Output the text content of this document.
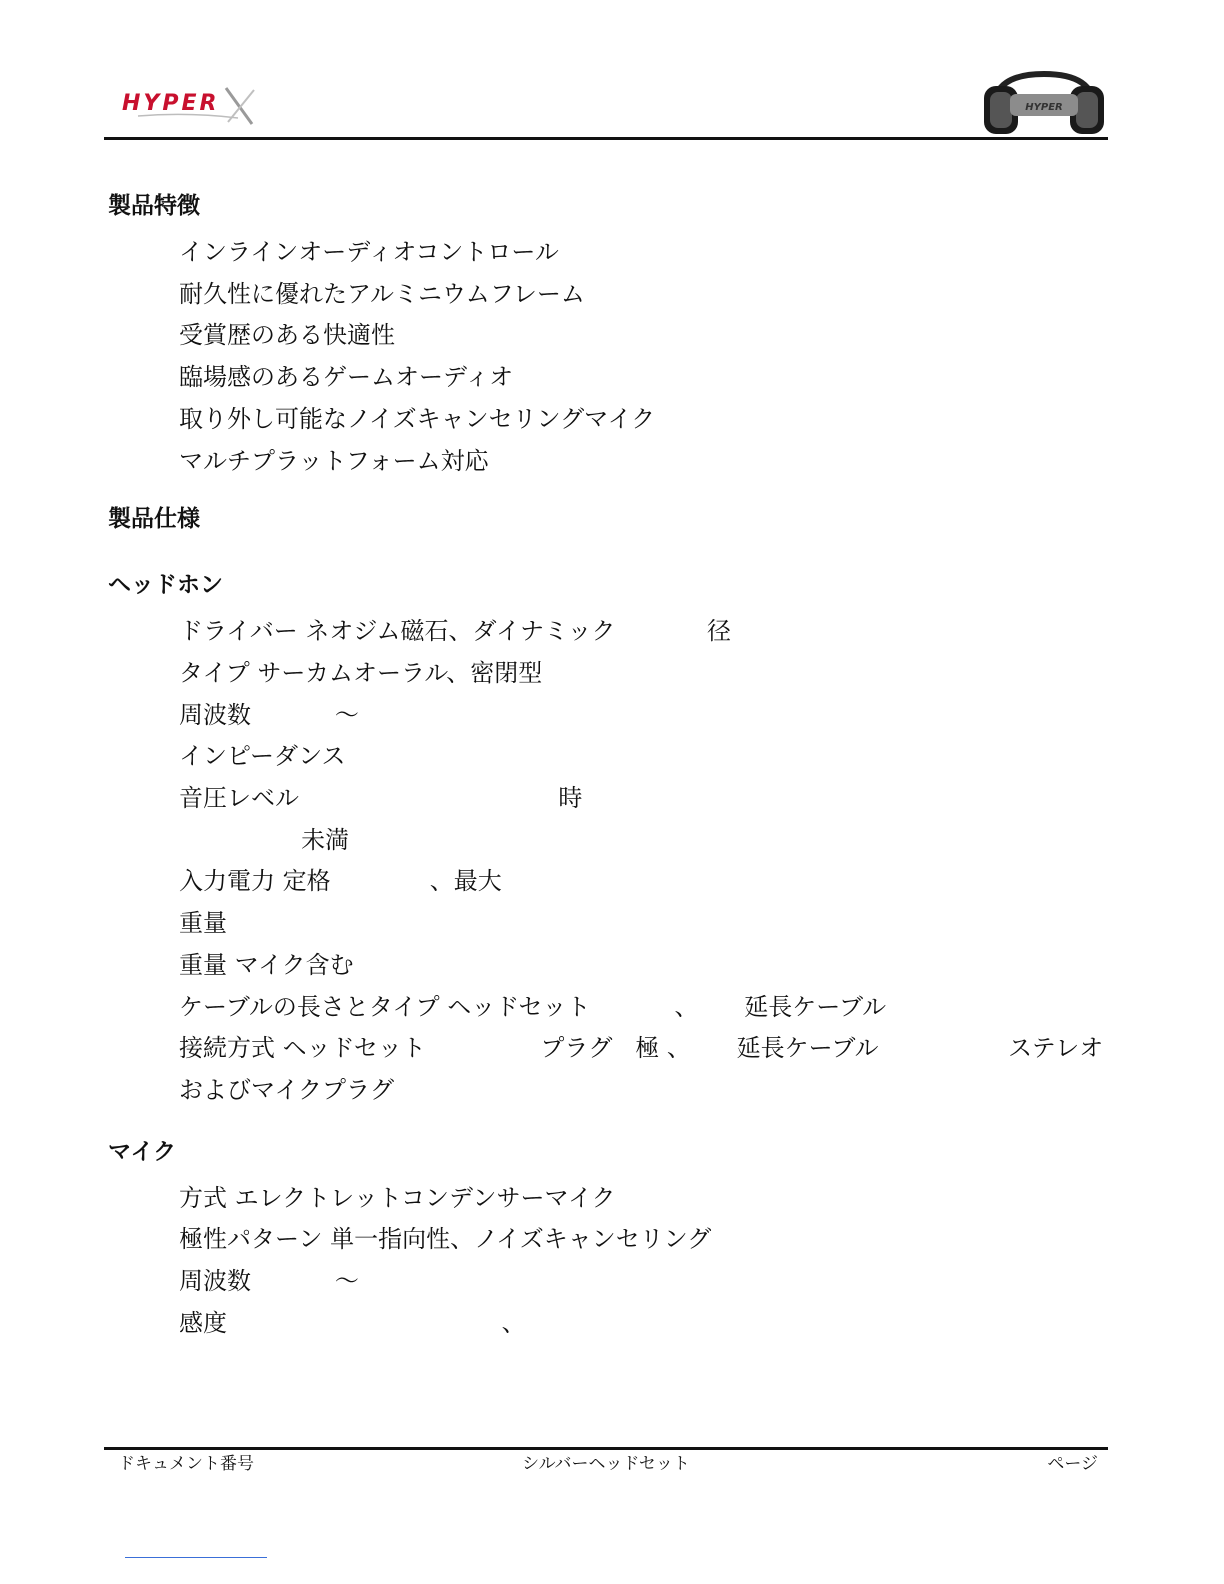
HYPER	HYPER
製品特徴
インラインオーディオコントロール
耐久性に優れたアルミニウムフレーム
受賞歴のある快適性
臨場感のあるゲームオーディオ
取り外し可能なノイズキャンセリングマイク
マルチプラットフォーム対応
製品仕様
ヘッドホン
ドライバー ネオジム磁石、ダイナミック            径
タイプ サーカムオーラル、密閉型
周波数           〜
インピーダンス
音圧レベル                                  時
未満
入力電力 定格             、最大
重量
重量 マイク含む
ケーブルの長さとタイプ ヘッドセット           、      延長ケーブル
接続方式 ヘッドセット               プラグ   極 、      延長ケーブル                 ステレオ
およびマイクプラグ
マイク
方式 エレクトレットコンデンサーマイク
極性パターン 単一指向性、ノイズキャンセリング
周波数           〜
感度                                    、
ドキュメント番号	シルバーヘッドセット	ページ
